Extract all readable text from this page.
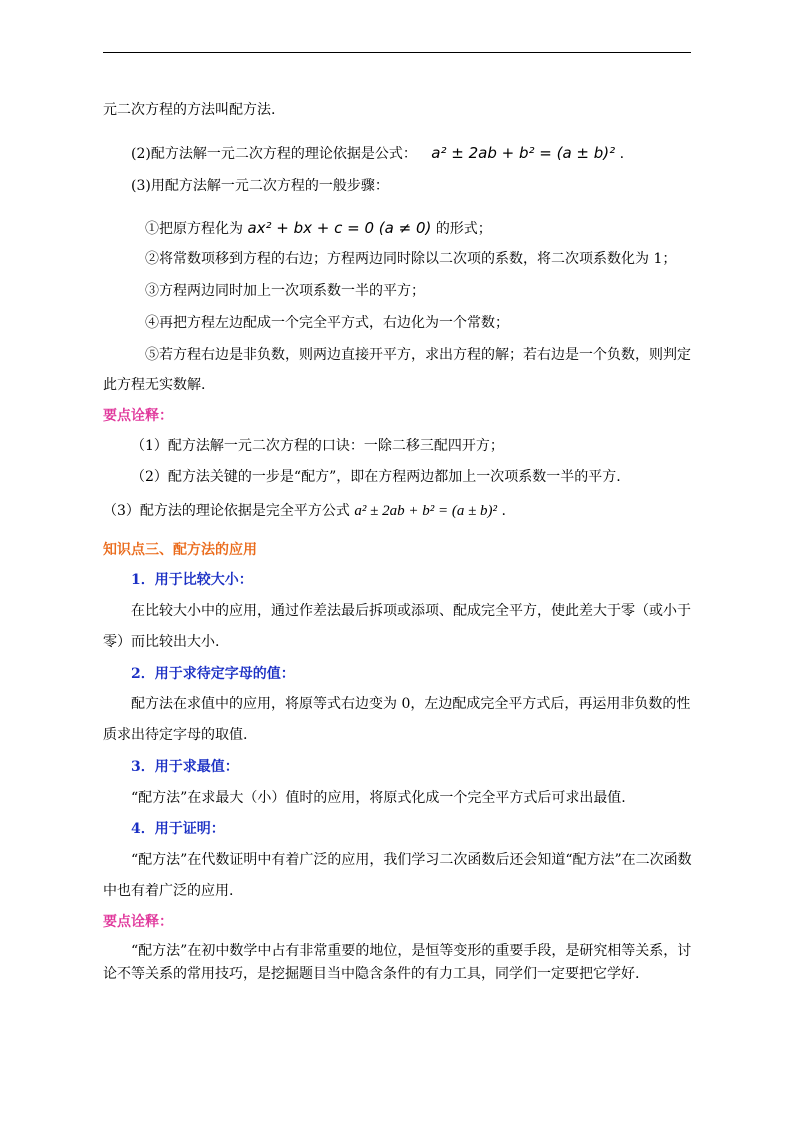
元二次方程的方法叫配方法.
(2)配方法解一元二次方程的理论依据是公式： a² ± 2ab + b² = (a ± b)² .
(3)用配方法解一元二次方程的一般步骤：
①把原方程化为 ax² + bx + c = 0 (a ≠ 0) 的形式；
②将常数项移到方程的右边；方程两边同时除以二次项的系数，将二次项系数化为 1；
③方程两边同时加上一次项系数一半的平方；
④再把方程左边配成一个完全平方式，右边化为一个常数；
⑤若方程右边是非负数，则两边直接开平方，求出方程的解；若右边是一个负数，则判定
此方程无实数解.
要点诠释：
（1）配方法解一元二次方程的口诀：一除二移三配四开方；
（2）配方法关键的一步是“配方”，即在方程两边都加上一次项系数一半的平方.
（3）配方法的理论依据是完全平方公式 a² ± 2ab + b² = (a ± b)² .
知识点三、配方法的应用
1．用于比较大小：
在比较大小中的应用，通过作差法最后拆项或添项、配成完全平方，使此差大于零（或小于
零）而比较出大小.
2．用于求待定字母的值：
配方法在求值中的应用，将原等式右边变为 0，左边配成完全平方式后，再运用非负数的性
质求出待定字母的取值.
3．用于求最值：
“配方法”在求最大（小）值时的应用，将原式化成一个完全平方式后可求出最值.
4．用于证明：
“配方法”在代数证明中有着广泛的应用，我们学习二次函数后还会知道“配方法”在二次函数
中也有着广泛的应用.
要点诠释：
“配方法”在初中数学中占有非常重要的地位，是恒等变形的重要手段，是研究相等关系，讨
论不等关系的常用技巧，是挖掘题目当中隐含条件的有力工具，同学们一定要把它学好.
